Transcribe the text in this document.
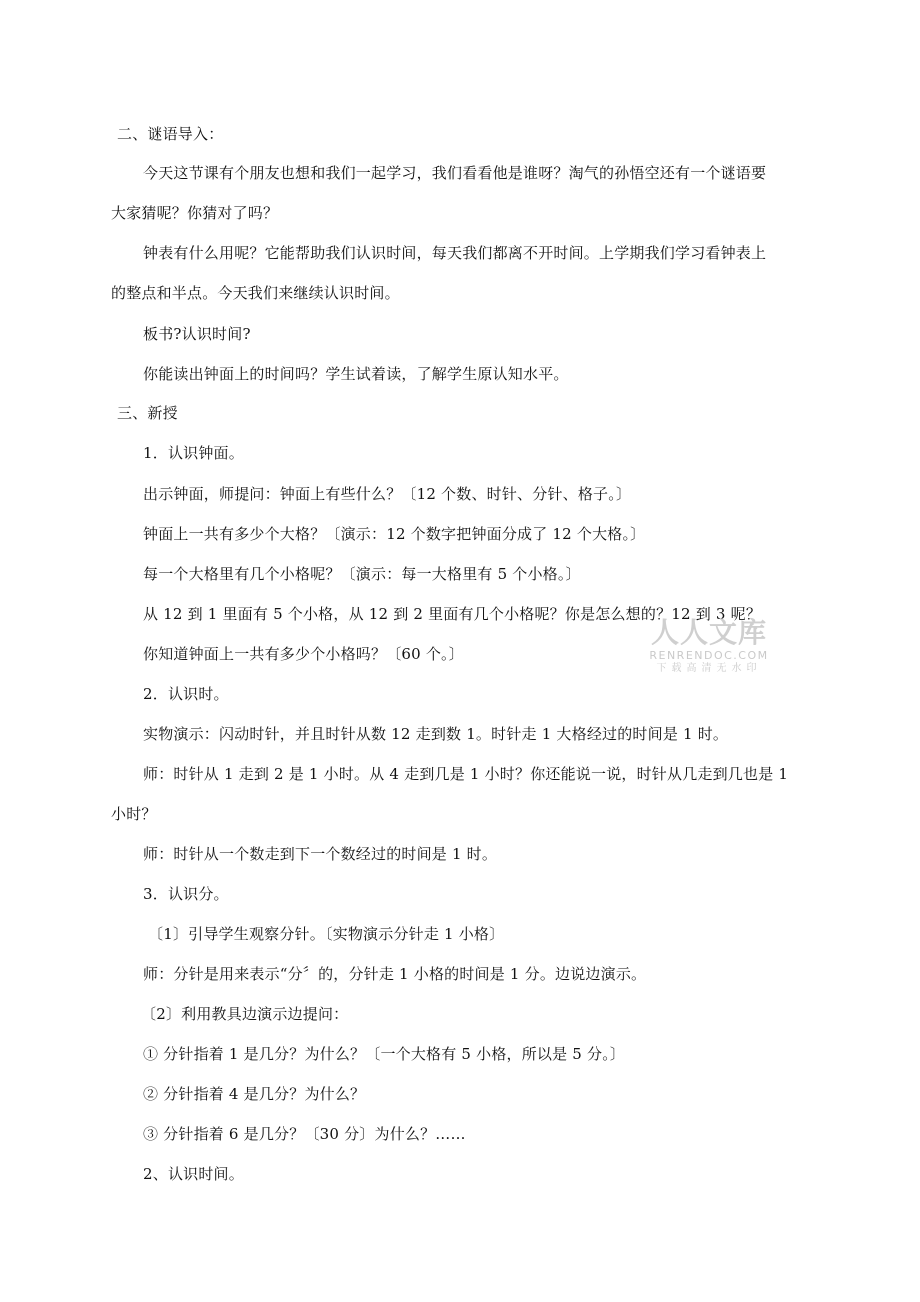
二、谜语导入：
今天这节课有个朋友也想和我们一起学习，我们看看他是谁呀？淘气的孙悟空还有一个谜语要
大家猜呢？你猜对了吗？
钟表有什么用呢？它能帮助我们认识时间，每天我们都离不开时间。上学期我们学习看钟表上
的整点和半点。今天我们来继续认识时间。
板书?认识时间?
你能读出钟面上的时间吗？学生试着读，了解学生原认知水平。
三、新授
1．认识钟面。
出示钟面，师提问：钟面上有些什么？〔12 个数、时针、分针、格子。〕
钟面上一共有多少个大格？〔演示：12 个数字把钟面分成了 12 个大格。〕
每一个大格里有几个小格呢？〔演示：每一大格里有 5 个小格。〕
从 12 到 1 里面有 5 个小格，从 12 到 2 里面有几个小格呢？你是怎么想的？12 到 3 呢？
你知道钟面上一共有多少个小格吗？〔60 个。〕
2．认识时。
实物演示：闪动时针，并且时针从数 12 走到数 1。时针走 1 大格经过的时间是 1 时。
师：时针从 1 走到 2 是 1 小时。从 4 走到几是 1 小时？你还能说一说，时针从几走到几也是 1
小时？
师：时针从一个数走到下一个数经过的时间是 1 时。
3．认识分。
〔1〕引导学生观察分针。〔实物演示分针走 1 小格〕
师：分针是用来表示“分〞的，分针走 1 小格的时间是 1 分。边说边演示。
〔2〕利用教具边演示边提问：
① 分针指着 1 是几分？为什么？〔一个大格有 5 小格，所以是 5 分。〕
② 分针指着 4 是几分？为什么？
③ 分针指着 6 是几分？〔30 分〕为什么？……
2、认识时间。
人人文库
RENRENDOC.COM
下载高清无水印
